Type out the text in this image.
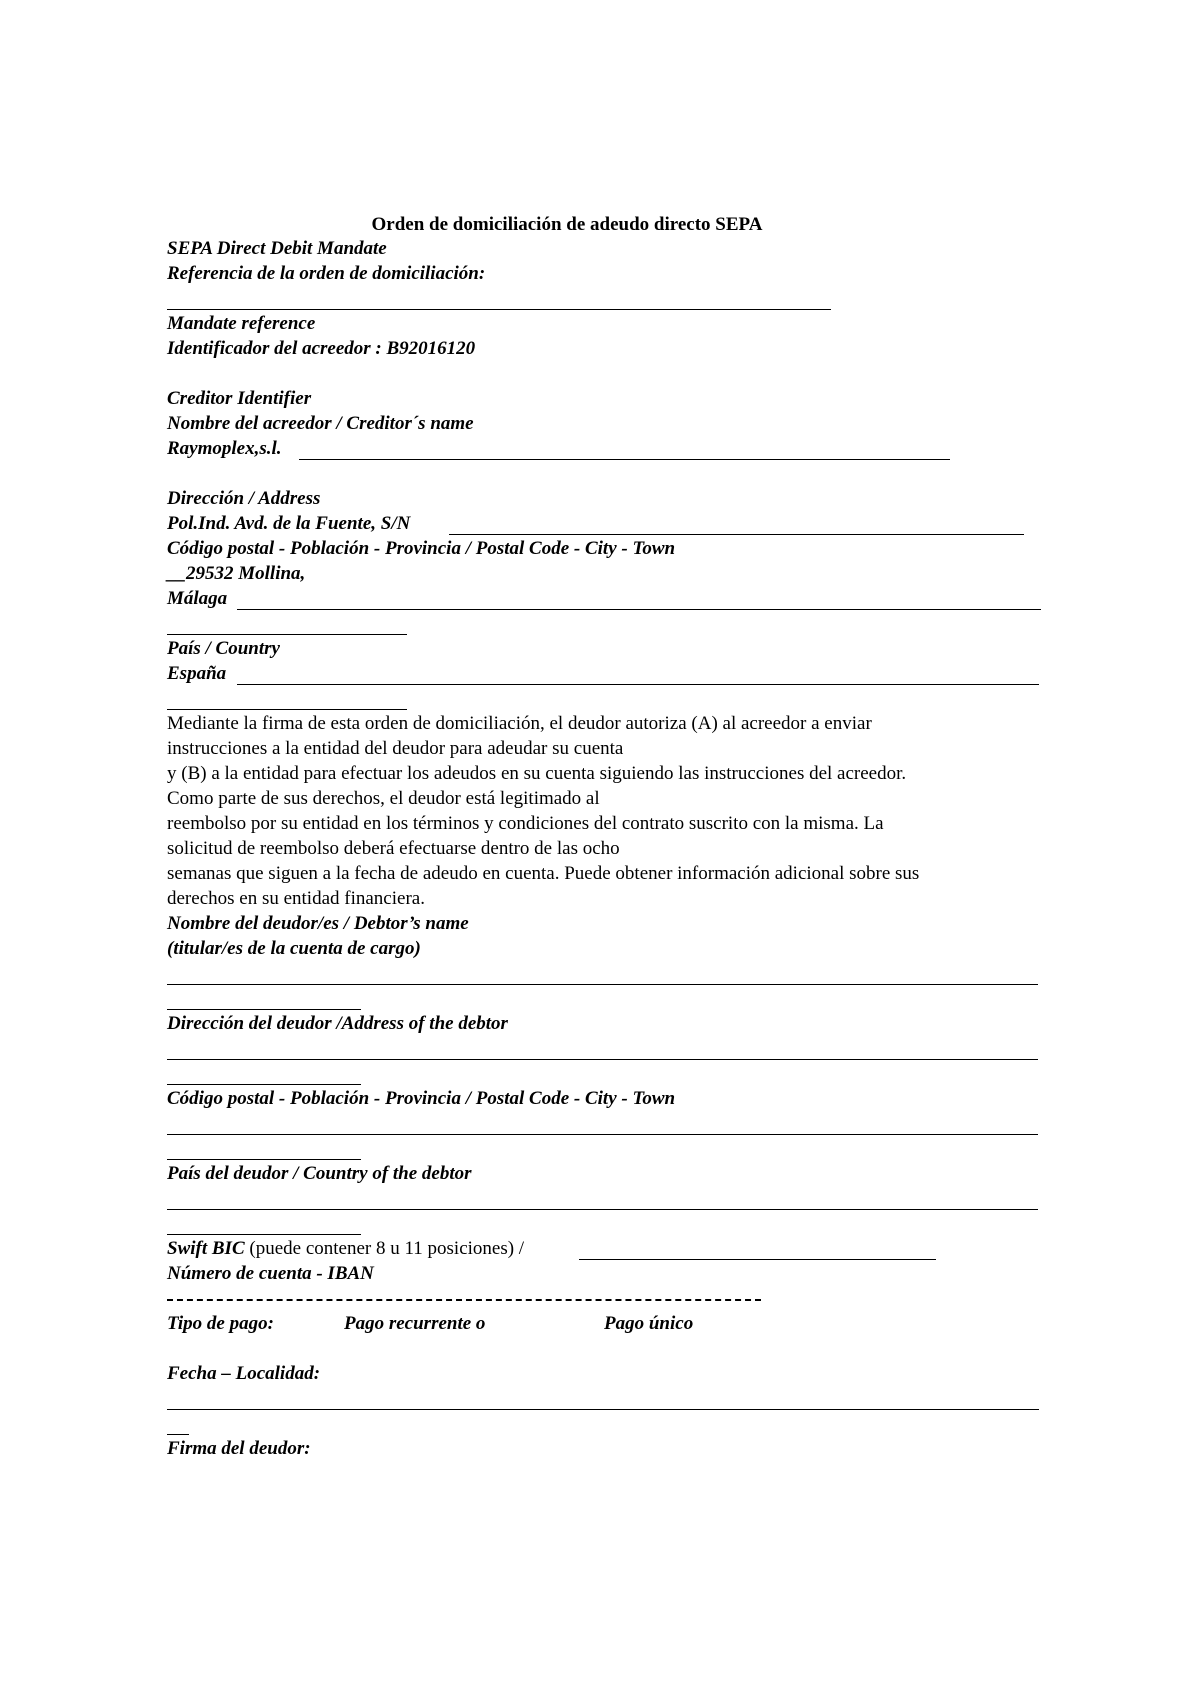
Orden de domiciliación de adeudo directo SEPA
SEPA Direct Debit Mandate
Referencia de la orden de domiciliación:
Mandate reference
Identificador del acreedor : B92016120
Creditor Identifier
Nombre del acreedor / Creditor´s name
Raymoplex,s.l.
Dirección / Address
Pol.Ind. Avd. de la Fuente, S/N
Código postal - Población - Provincia / Postal Code - City - Town
__29532 Mollina,
Málaga
País / Country
España
Mediante la firma de esta orden de domiciliación, el deudor autoriza (A) al acreedor a enviar
instrucciones a la entidad del deudor para adeudar su cuenta
y (B) a la entidad para efectuar los adeudos en su cuenta siguiendo las instrucciones del acreedor.
Como parte de sus derechos, el deudor está legitimado al
reembolso por su entidad en los términos y condiciones del contrato suscrito con la misma. La
solicitud de reembolso deberá efectuarse dentro de las ocho
semanas que siguen a la fecha de adeudo en cuenta. Puede obtener información adicional sobre sus
derechos en su entidad financiera.
Nombre del deudor/es / Debtor’s name
(titular/es de la cuenta de cargo)
Dirección del deudor /Address of the debtor
Código postal - Población - Provincia / Postal Code - City - Town
País del deudor / Country of the debtor
Swift BIC (puede contener 8 u 11 posiciones) /
Número de cuenta - IBAN
Tipo de pago:	Pago recurrente o	Pago único
Fecha – Localidad:
Firma del deudor:
